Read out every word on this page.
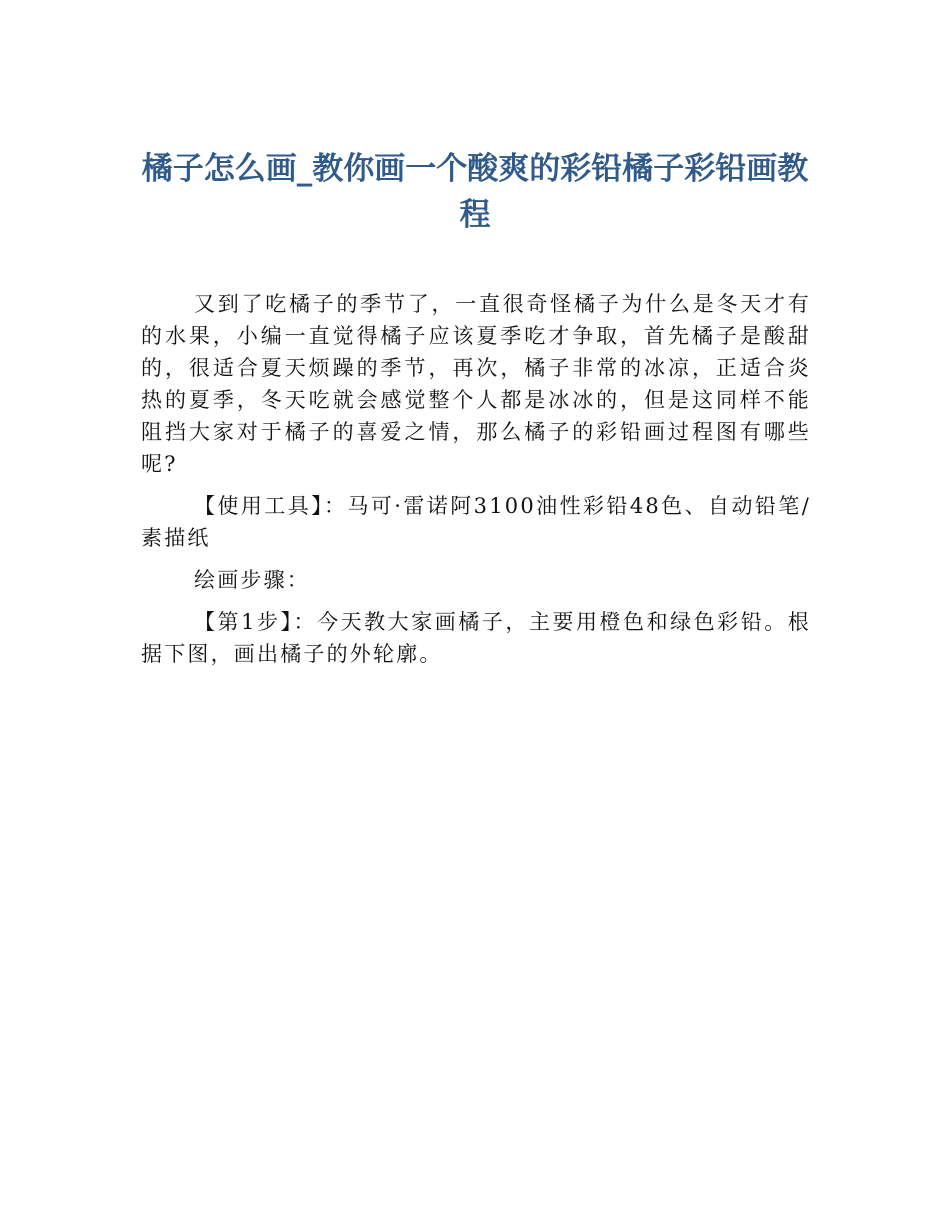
橘子怎么画_教你画一个酸爽的彩铅橘子彩铅画教程

又到了吃橘子的季节了，一直很奇怪橘子为什么是冬天才有的水果，小编一直觉得橘子应该夏季吃才争取，首先橘子是酸甜的，很适合夏天烦躁的季节，再次，橘子非常的冰凉，正适合炎热的夏季，冬天吃就会感觉整个人都是冰冰的，但是这同样不能阻挡大家对于橘子的喜爱之情，那么橘子的彩铅画过程图有哪些呢?

【使用工具】：马可·雷诺阿3100油性彩铅48色、自动铅笔/素描纸

绘画步骤：

【第1步】：今天教大家画橘子，主要用橙色和绿色彩铅。根据下图，画出橘子的外轮廓。
